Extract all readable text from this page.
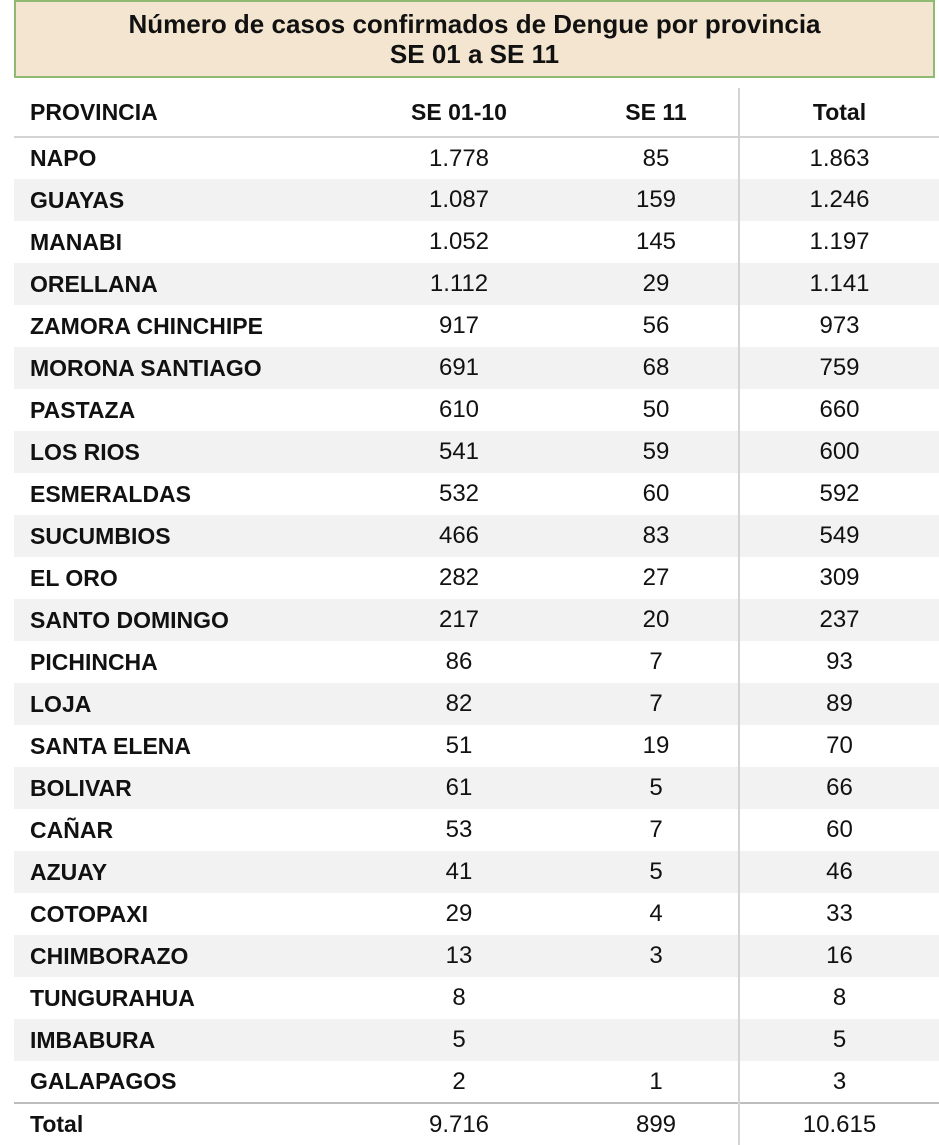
Número de casos confirmados de Dengue por provincia
SE 01 a SE 11
PROVINCIA	SE 01-10	SE 11	Total
NAPO	1.778	85	1.863
GUAYAS	1.087	159	1.246
MANABI	1.052	145	1.197
ORELLANA	1.112	29	1.141
ZAMORA CHINCHIPE	917	56	973
MORONA SANTIAGO	691	68	759
PASTAZA	610	50	660
LOS RIOS	541	59	600
ESMERALDAS	532	60	592
SUCUMBIOS	466	83	549
EL ORO	282	27	309
SANTO DOMINGO	217	20	237
PICHINCHA	86	7	93
LOJA	82	7	89
SANTA ELENA	51	19	70
BOLIVAR	61	5	66
CAÑAR	53	7	60
AZUAY	41	5	46
COTOPAXI	29	4	33
CHIMBORAZO	13	3	16
TUNGURAHUA	8		8
IMBABURA	5		5
GALAPAGOS	2	1	3
Total	9.716	899	10.615
